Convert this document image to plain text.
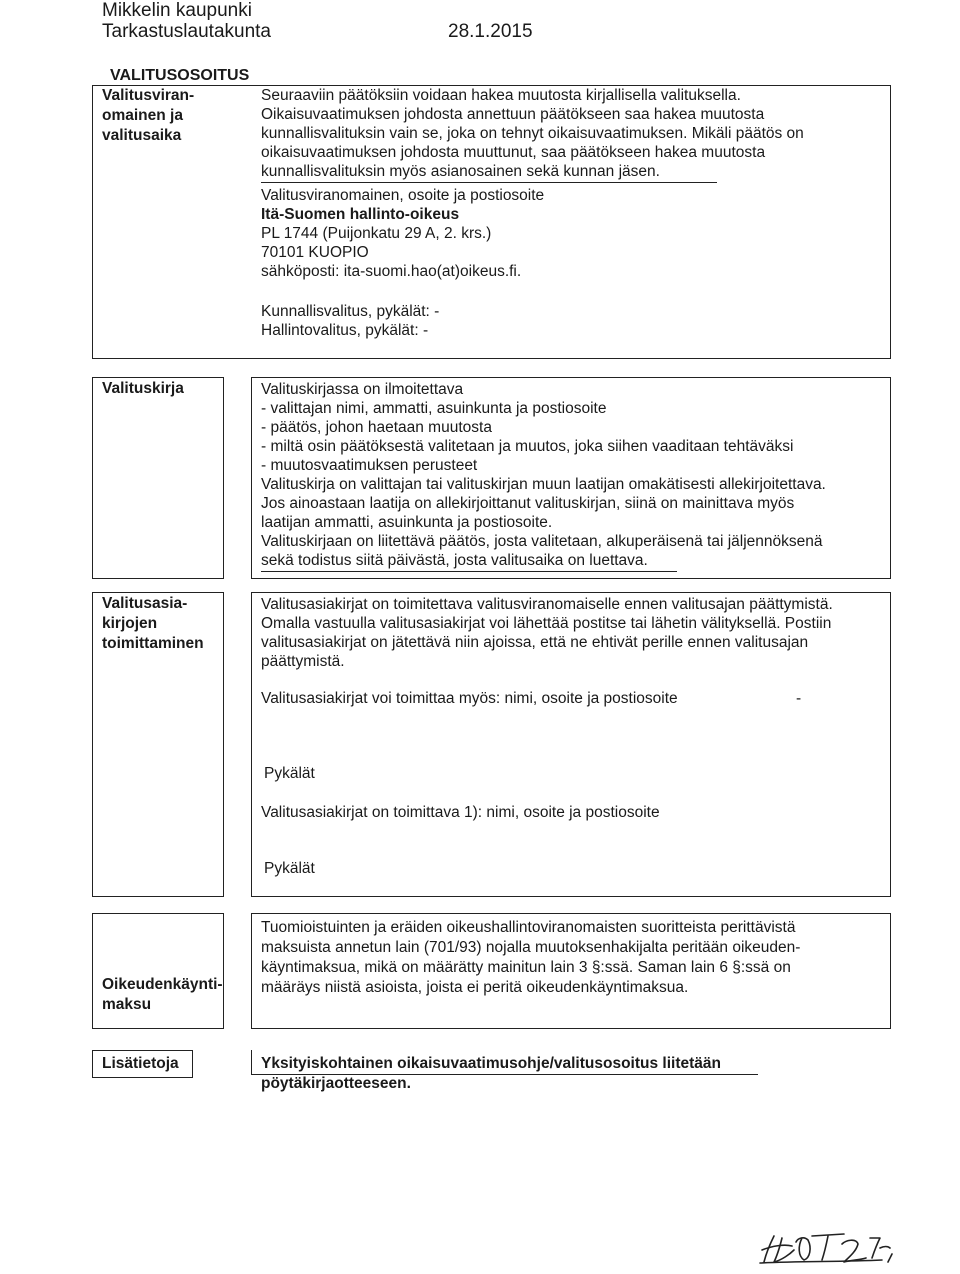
Mikkelin kaupunki
Tarkastuslautakunta	28.1.2015
VALITUSOSOITUS
Valitusviran-
omainen ja
valitusaika
Seuraaviin päätöksiin voidaan hakea muutosta kirjallisella valituksella.
Oikaisuvaatimuksen johdosta annettuun päätökseen saa hakea muutosta
kunnallisvalituksin vain se, joka on tehnyt oikaisuvaatimuksen. Mikäli päätös on
oikaisuvaatimuksen johdosta muuttunut, saa päätökseen hakea muutosta
kunnallisvalituksin myös asianosainen sekä kunnan jäsen.
Valitusviranomainen, osoite ja postiosoite
Itä-Suomen hallinto-oikeus
PL 1744 (Puijonkatu 29 A, 2. krs.)
70101 KUOPIO
sähköposti: ita-suomi.hao(at)oikeus.fi.
Kunnallisvalitus, pykälät: -
Hallintovalitus, pykälät: -
Valituskirja	Valituskirjassa on ilmoitettava
- valittajan nimi, ammatti, asuinkunta ja postiosoite
- päätös, johon haetaan muutosta
- miltä osin päätöksestä valitetaan ja muutos, joka siihen vaaditaan tehtäväksi
- muutosvaatimuksen perusteet
Valituskirja on valittajan tai valituskirjan muun laatijan omakätisesti allekirjoitettava.
Jos ainoastaan laatija on allekirjoittanut valituskirjan, siinä on mainittava myös
laatijan ammatti, asuinkunta ja postiosoite.
Valituskirjaan on liitettävä päätös, josta valitetaan, alkuperäisenä tai jäljennöksenä
sekä todistus siitä päivästä, josta valitusaika on luettava.
Valitusasia-
kirjojen
toimittaminen
Valitusasiakirjat on toimitettava valitusviranomaiselle ennen valitusajan päättymistä.
Omalla vastuulla valitusasiakirjat voi lähettää postitse tai lähetin välityksellä. Postiin
valitusasiakirjat on jätettävä niin ajoissa, että ne ehtivät perille ennen valitusajan
päättymistä.
Valitusasiakirjat voi toimittaa myös: nimi, osoite ja postiosoite	-
Pykälät
Valitusasiakirjat on toimittava 1): nimi, osoite ja postiosoite
Pykälät
Oikeudenkäynti-
maksu
Tuomioistuinten ja eräiden oikeushallintoviranomaisten suoritteista perittävistä
maksuista annetun lain (701/93) nojalla muutoksenhakijalta peritään oikeuden-
käyntimaksua, mikä on määrätty mainitun lain 3 §:ssä. Saman lain 6 §:ssä on
määräys niistä asioista, joista ei peritä oikeudenkäyntimaksua.
Lisätietoja	Yksityiskohtainen oikaisuvaatimusohje/valitusosoitus liitetään
pöytäkirjaotteeseen.
